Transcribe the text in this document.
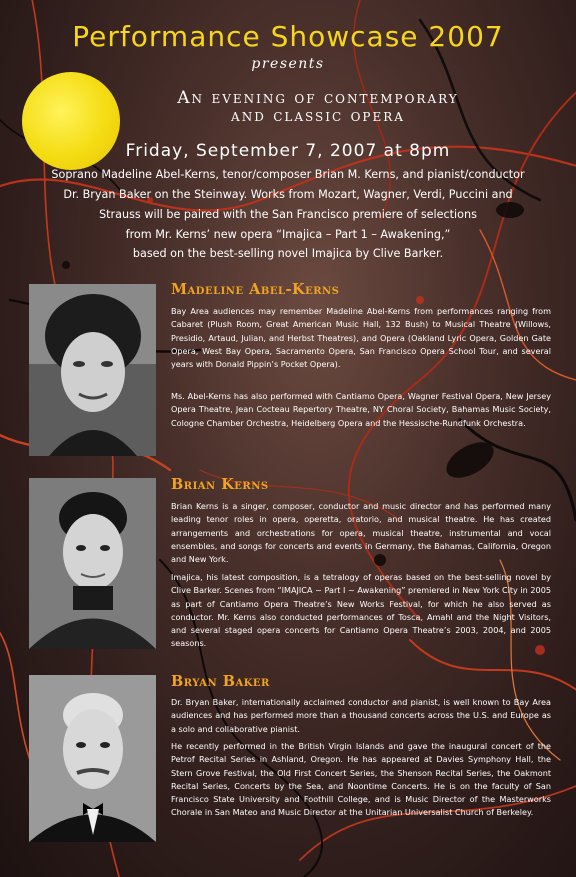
Performance Showcase 2007
presents
An evening of contemporary
and classic opera
Friday, September 7, 2007 at 8pm
Soprano Madeline Abel-Kerns, tenor/composer Brian M. Kerns, and pianist/conductor
Dr. Bryan Baker on the Steinway. Works from Mozart, Wagner, Verdi, Puccini and
Strauss will be paired with the San Francisco premiere of selections
from Mr. Kerns’ new opera “Imajica – Part 1 – Awakening,”
based on the best-selling novel Imajica by Clive Barker.
Madeline Abel-Kerns
Bay Area audiences may remember Madeline Abel-Kerns from performances ranging from Cabaret (Plush Room, Great American Music Hall, 132 Bush) to Musical Theatre (Willows, Presidio, Artaud, Julian, and Herbst Theatres), and Opera (Oakland Lyric Opera, Golden Gate Opera, West Bay Opera, Sacramento Opera, San Francisco Opera School Tour, and several years with Donald Pippin’s Pocket Opera).
Ms. Abel-Kerns has also performed with Cantiamo Opera, Wagner Festival Opera, New Jersey Opera Theatre, Jean Cocteau Repertory Theatre, NY Choral Society, Bahamas Music Society, Cologne Chamber Orchestra, Heidelberg Opera and the Hessische-Rundfunk Orchestra.
Brian Kerns
Brian Kerns is a singer, composer, conductor and music director and has performed many leading tenor roles in opera, operetta, oratorio, and musical theatre. He has created arrangements and orchestrations for opera, musical theatre, instrumental and vocal ensembles, and songs for concerts and events in Germany, the Bahamas, California, Oregon and New York.
Imajica, his latest composition, is a tetralogy of operas based on the best-selling novel by Clive Barker. Scenes from “IMAJICA ~ Part I ~ Awakening” premiered in New York City in 2005 as part of Cantiamo Opera Theatre’s New Works Festival, for which he also served as conductor. Mr. Kerns also conducted performances of Tosca, Amahl and the Night Visitors, and several staged opera concerts for Cantiamo Opera Theatre’s 2003, 2004, and 2005 seasons.
Bryan Baker
Dr. Bryan Baker, internationally acclaimed conductor and pianist, is well known to Bay Area audiences and has performed more than a thousand concerts across the U.S. and Europe as a solo and collaborative pianist.
He recently performed in the British Virgin Islands and gave the inaugural concert of the Petrof Recital Series in Ashland, Oregon. He has appeared at Davies Symphony Hall, the Stern Grove Festival, the Old First Concert Series, the Shenson Recital Series, the Oakmont Recital Series, Concerts by the Sea, and Noontime Concerts. He is on the faculty of San Francisco State University and Foothill College, and is Music Director of the Masterworks Chorale in San Mateo and Music Director at the Unitarian Universalist Church of Berkeley.
